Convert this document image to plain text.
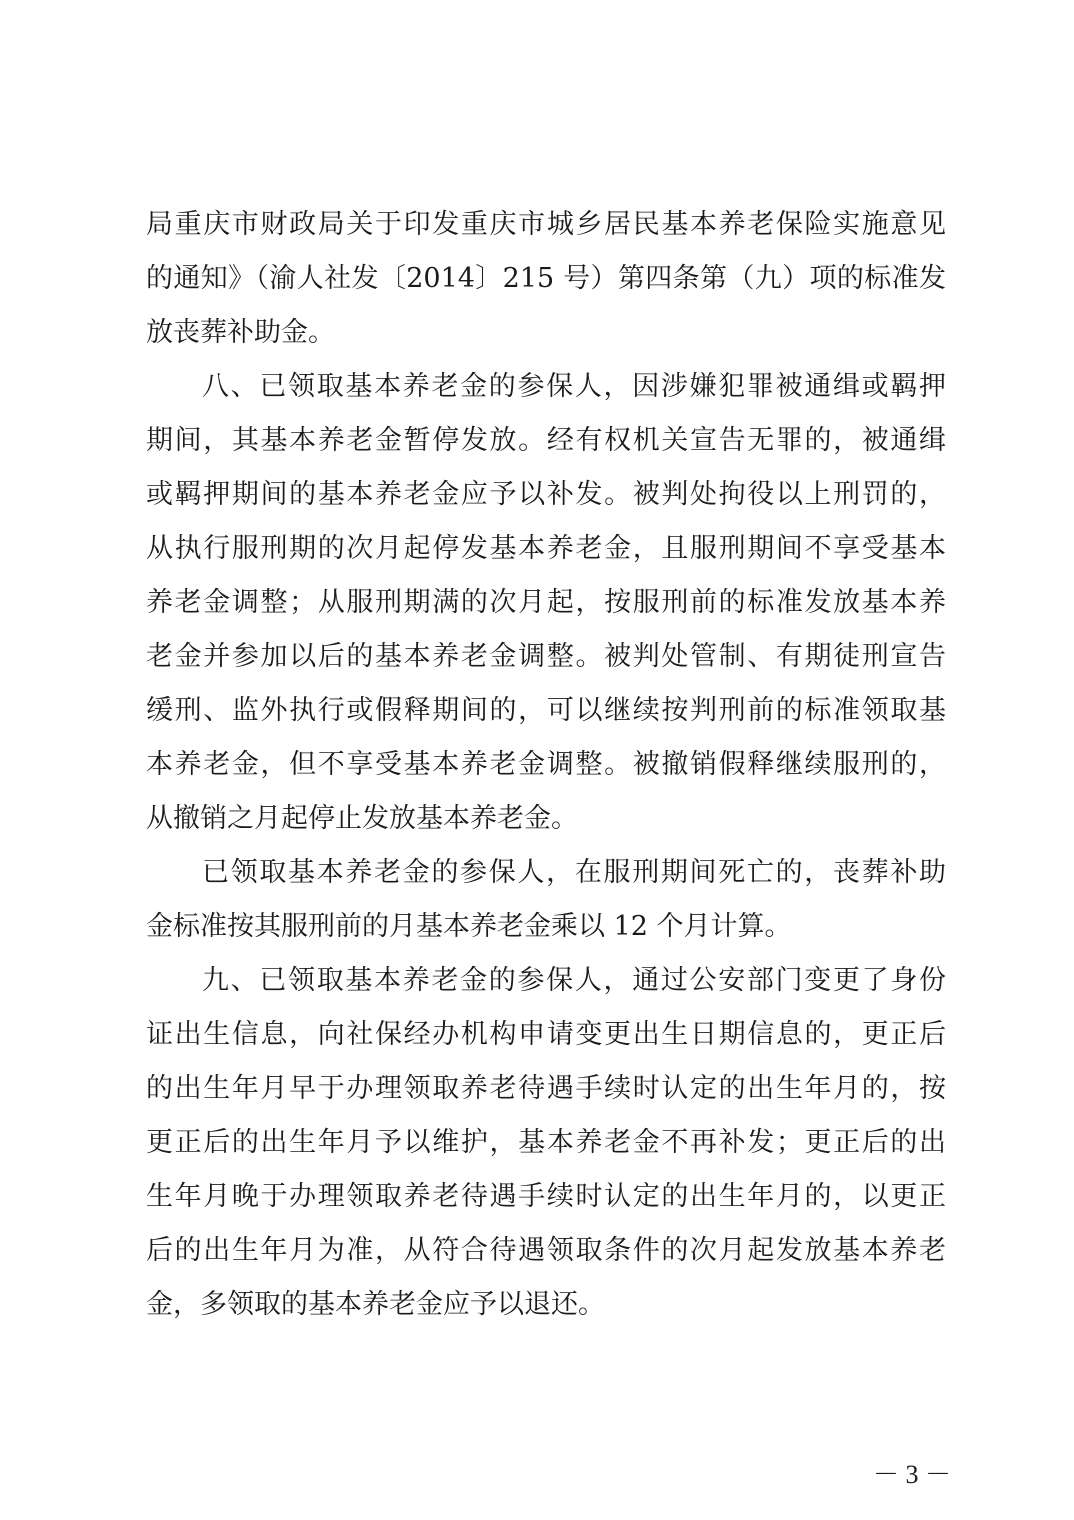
局重庆市财政局关于印发重庆市城乡居民基本养老保险实施意见
的通知》（渝人社发〔2014〕215 号）第四条第（九）项的标准发
放丧葬补助金。
八、已领取基本养老金的参保人，因涉嫌犯罪被通缉或羁押
期间，其基本养老金暂停发放。经有权机关宣告无罪的，被通缉
或羁押期间的基本养老金应予以补发。被判处拘役以上刑罚的，
从执行服刑期的次月起停发基本养老金，且服刑期间不享受基本
养老金调整；从服刑期满的次月起，按服刑前的标准发放基本养
老金并参加以后的基本养老金调整。被判处管制、有期徒刑宣告
缓刑、监外执行或假释期间的，可以继续按判刑前的标准领取基
本养老金，但不享受基本养老金调整。被撤销假释继续服刑的，
从撤销之月起停止发放基本养老金。
已领取基本养老金的参保人，在服刑期间死亡的，丧葬补助
金标准按其服刑前的月基本养老金乘以 12 个月计算。
九、已领取基本养老金的参保人，通过公安部门变更了身份
证出生信息，向社保经办机构申请变更出生日期信息的，更正后
的出生年月早于办理领取养老待遇手续时认定的出生年月的，按
更正后的出生年月予以维护，基本养老金不再补发；更正后的出
生年月晚于办理领取养老待遇手续时认定的出生年月的，以更正
后的出生年月为准，从符合待遇领取条件的次月起发放基本养老
金，多领取的基本养老金应予以退还。
－ 3 －
